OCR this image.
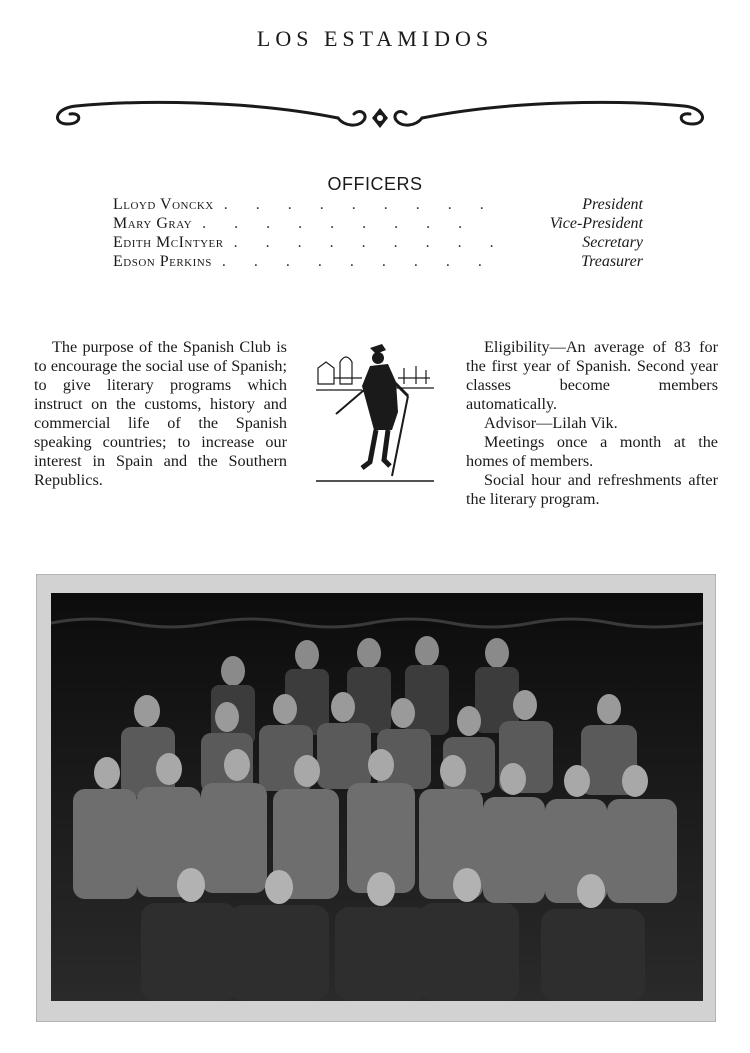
LOS ESTAMIDOS
OFFICERS
Lloyd Vonckx .........	President
Mary Gray .........	Vice-President
Edith McIntyer .........	Secretary
Edson Perkins .........	Treasurer

The purpose of the Spanish Club is to encourage the social use of Spanish; to give literary programs which instruct on the customs, history and commercial life of the Spanish speaking countries; to increase our interest in Spain and the Southern Republics.

Eligibility—An average of 83 for the first year of Spanish. Second year classes become members automatically.

Advisor—Lilah Vik.

Meetings once a month at the homes of members.

Social hour and refreshments after the literary program.
